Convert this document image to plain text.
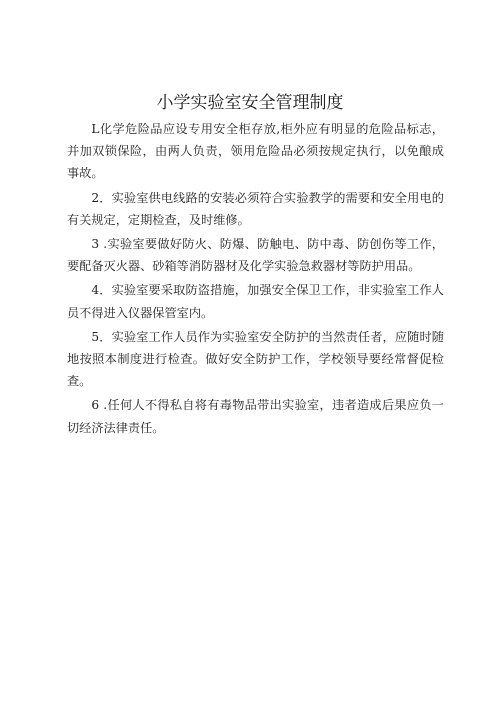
小学实验室安全管理制度

L化学危险品应设专用安全柜存放,柜外应有明显的危险品标志，并加双锁保险，由两人负责，领用危险品必须按规定执行，以免酿成事故。

2．实验室供电线路的安装必须符合实验教学的需要和安全用电的有关规定，定期检查，及时维修。

3 .实验室要做好防火、防爆、防触电、防中毒、防创伤等工作，要配备灭火器、砂箱等消防器材及化学实验急救器材等防护用品。

4．实验室要采取防盗措施，加强安全保卫工作，非实验室工作人员不得进入仪器保管室内。

5．实验室工作人员作为实验室安全防护的当然责任者，应随时随地按照本制度进行检查。做好安全防护工作，学校领导要经常督促检查。

6 .任何人不得私自将有毒物品带出实验室，违者造成后果应负一切经济法律责任。
